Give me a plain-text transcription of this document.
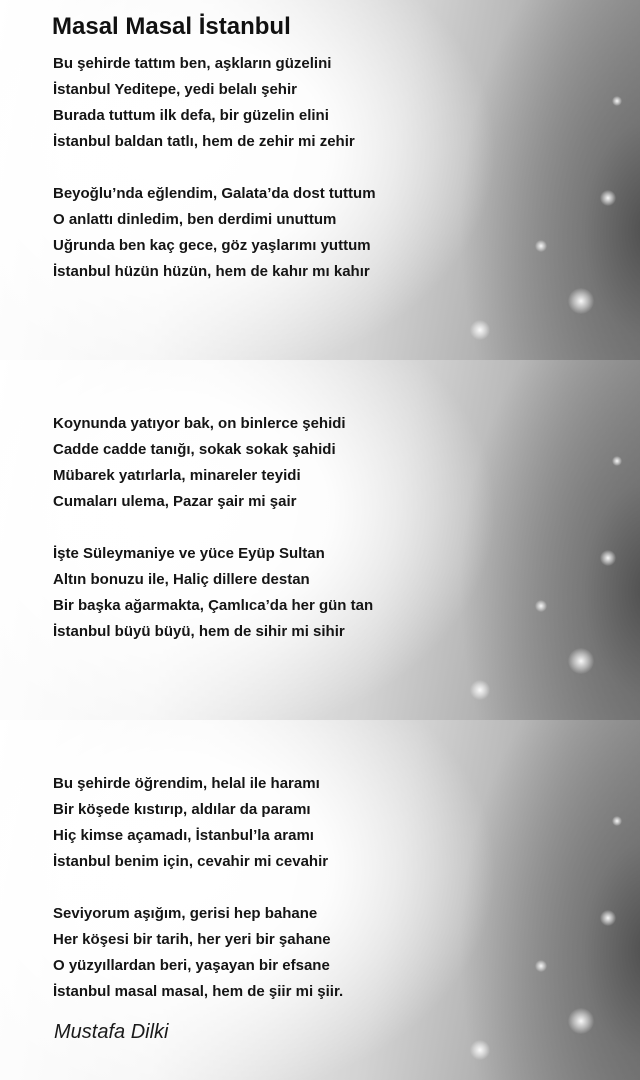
Masal Masal İstanbul
Bu şehirde tattım ben, aşkların güzelini
İstanbul Yeditepe, yedi belalı şehir
Burada tuttum ilk defa, bir güzelin elini
İstanbul baldan tatlı, hem de zehir mi zehir
Beyoğlu’nda eğlendim, Galata’da dost tuttum
O anlattı dinledim, ben derdimi unuttum
Uğrunda ben kaç gece, göz yaşlarımı yuttum
İstanbul hüzün hüzün, hem de kahır mı kahır
Koynunda yatıyor bak, on binlerce şehidi
Cadde cadde tanığı, sokak sokak şahidi
Mübarek yatırlarla, minareler teyidi
Cumaları ulema, Pazar şair mi şair
İşte Süleymaniye ve yüce Eyüp Sultan
Altın bonuzu ile, Haliç dillere destan
Bir başka ağarmakta, Çamlıca’da her gün tan
İstanbul büyü büyü, hem de sihir mi sihir
Bu şehirde öğrendim, helal ile haramı
Bir köşede kıstırıp, aldılar da paramı
Hiç kimse açamadı, İstanbul’la aramı
İstanbul benim için, cevahir mi cevahir
Seviyorum aşığım, gerisi hep bahane
Her köşesi bir tarih, her yeri bir şahane
O yüzyıllardan beri, yaşayan bir efsane
İstanbul masal masal, hem de şiir mi şiir.
Mustafa Dilki
